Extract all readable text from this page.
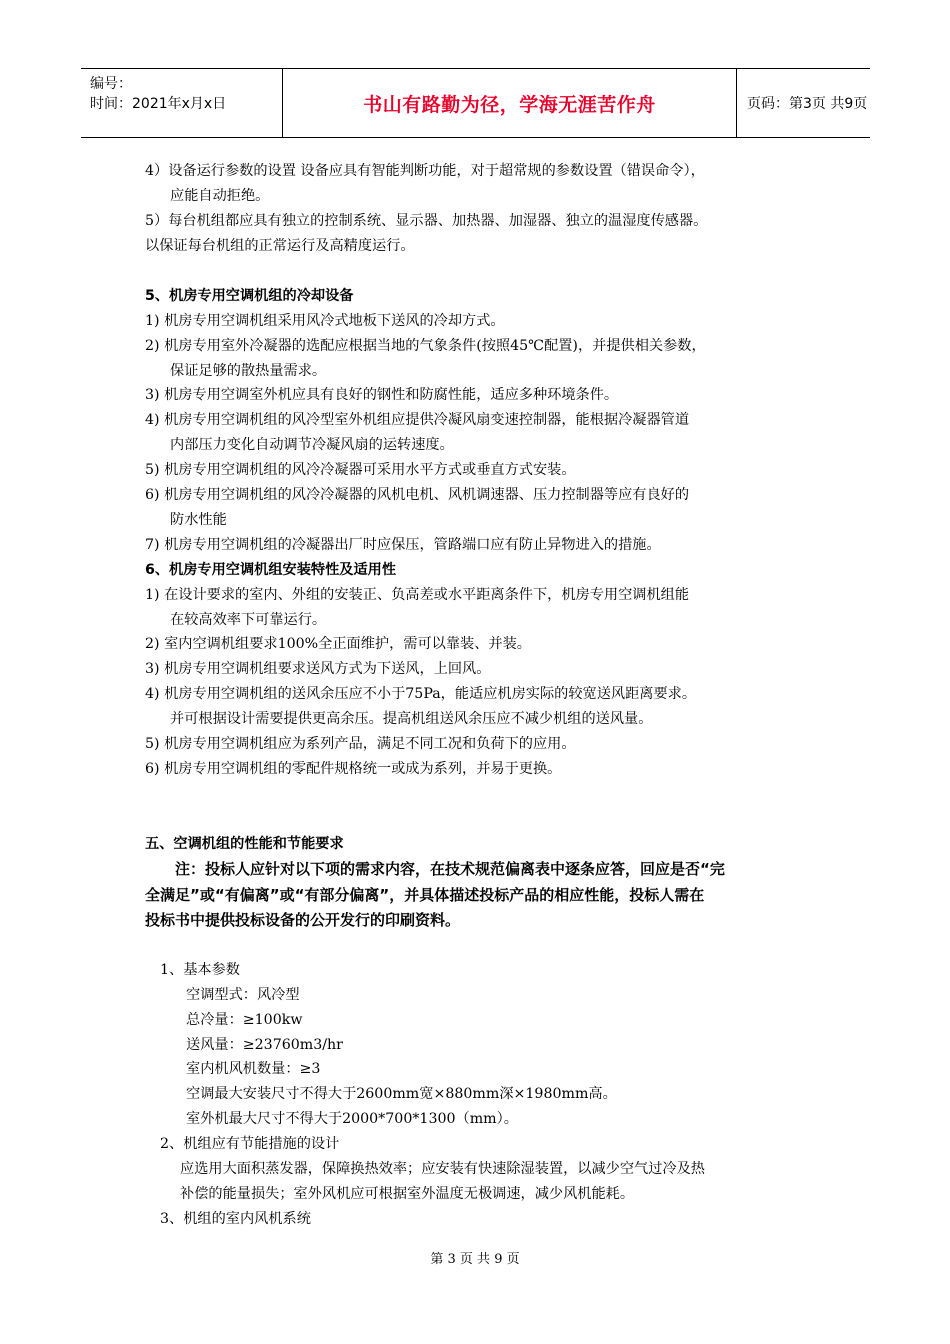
编号：
时间：2021年x月x日	书山有路勤为径，学海无涯苦作舟	页码：第3页 共9页
4）设备运行参数的设置 设备应具有智能判断功能，对于超常规的参数设置（错误命令），
应能自动拒绝。
5）每台机组都应具有独立的控制系统、显示器、加热器、加湿器、独立的温湿度传感器。
以保证每台机组的正常运行及高精度运行。
5、机房专用空调机组的冷却设备
1) 机房专用空调机组采用风冷式地板下送风的冷却方式。
2) 机房专用室外冷凝器的选配应根据当地的气象条件(按照45℃配置)，并提供相关参数，
保证足够的散热量需求。
3) 机房专用空调室外机应具有良好的钢性和防腐性能，适应多种环境条件。
4) 机房专用空调机组的风冷型室外机组应提供冷凝风扇变速控制器，能根据冷凝器管道
内部压力变化自动调节冷凝风扇的运转速度。
5) 机房专用空调机组的风冷冷凝器可采用水平方式或垂直方式安装。
6) 机房专用空调机组的风冷冷凝器的风机电机、风机调速器、压力控制器等应有良好的
防水性能
7) 机房专用空调机组的冷凝器出厂时应保压，管路端口应有防止异物进入的措施。
6、机房专用空调机组安装特性及适用性
1) 在设计要求的室内、外组的安装正、负高差或水平距离条件下，机房专用空调机组能
在较高效率下可靠运行。
2) 室内空调机组要求100%全正面维护，需可以靠装、并装。
3) 机房专用空调机组要求送风方式为下送风，上回风。
4) 机房专用空调机组的送风余压应不小于75Pa，能适应机房实际的较宽送风距离要求。
并可根据设计需要提供更高余压。提高机组送风余压应不减少机组的送风量。
5) 机房专用空调机组应为系列产品，满足不同工况和负荷下的应用。
6) 机房专用空调机组的零配件规格统一或成为系列，并易于更换。
五、空调机组的性能和节能要求
注：投标人应针对以下项的需求内容，在技术规范偏离表中逐条应答，回应是否“完
全满足”或“有偏离”或“有部分偏离”，并具体描述投标产品的相应性能，投标人需在
投标书中提供投标设备的公开发行的印刷资料。
1、基本参数
空调型式：风冷型
总冷量：≥100kw
送风量：≥23760m3/hr
室内机风机数量：≥3
空调最大安装尺寸不得大于2600mm宽×880mm深×1980mm高。
室外机最大尺寸不得大于2000*700*1300（mm）。
2、机组应有节能措施的设计
应选用大面积蒸发器，保障换热效率；应安装有快速除湿装置，以减少空气过冷及热
补偿的能量损失；室外风机应可根据室外温度无极调速，减少风机能耗。
3、机组的室内风机系统
第 3 页 共 9 页
